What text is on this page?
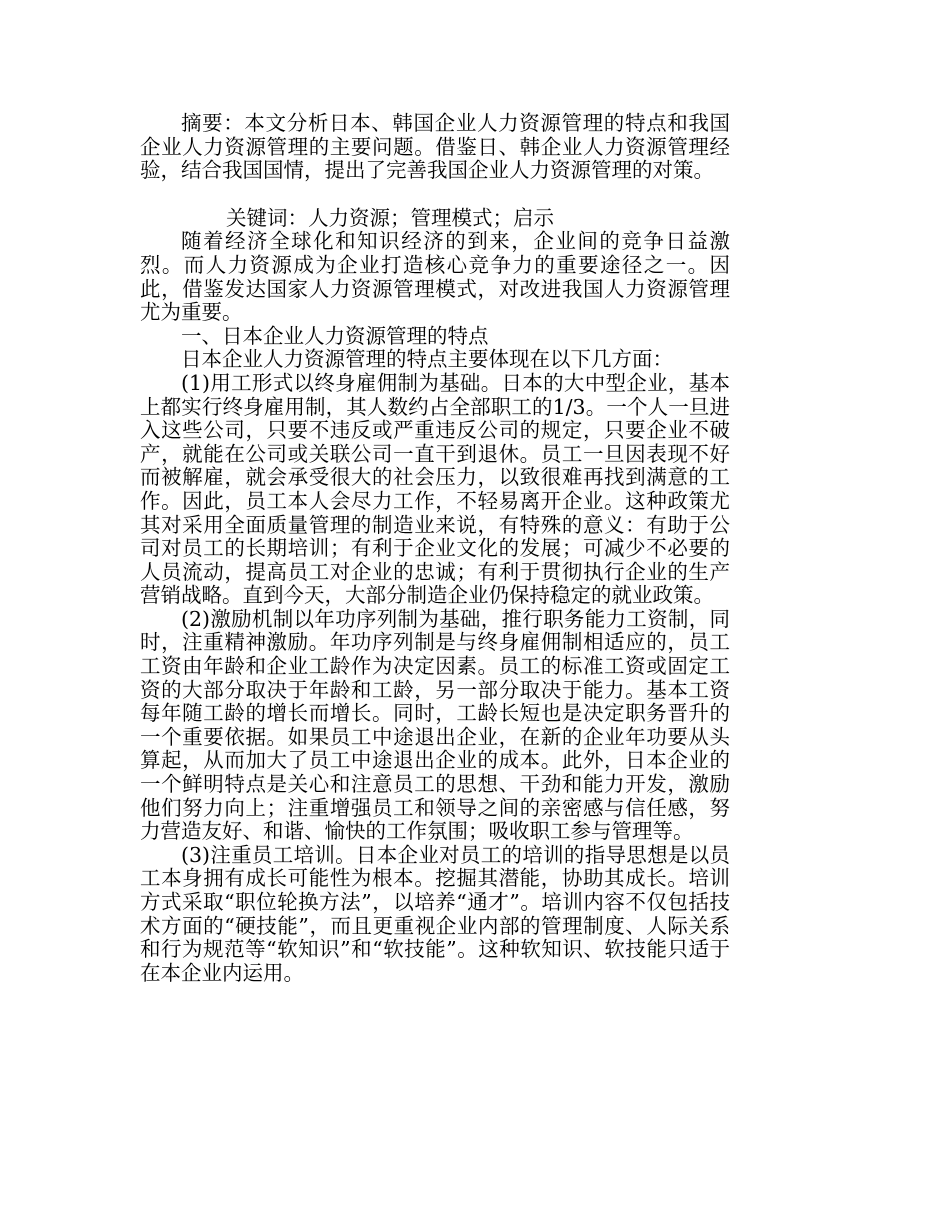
摘要：本文分析日本、韩国企业人力资源管理的特点和我国企业人力资源管理的主要问题。借鉴日、韩企业人力资源管理经验，结合我国国情，提出了完善我国企业人力资源管理的对策。

关键词：人力资源；管理模式；启示

随着经济全球化和知识经济的到来，企业间的竞争日益激烈。而人力资源成为企业打造核心竞争力的重要途径之一。因此，借鉴发达国家人力资源管理模式，对改进我国人力资源管理尤为重要。

一、日本企业人力资源管理的特点

日本企业人力资源管理的特点主要体现在以下几方面：

(1)用工形式以终身雇佣制为基础。日本的大中型企业，基本上都实行终身雇用制，其人数约占全部职工的1/3。一个人一旦进入这些公司，只要不违反或严重违反公司的规定，只要企业不破产，就能在公司或关联公司一直干到退休。员工一旦因表现不好而被解雇，就会承受很大的社会压力，以致很难再找到满意的工作。因此，员工本人会尽力工作，不轻易离开企业。这种政策尤其对采用全面质量管理的制造业来说，有特殊的意义：有助于公司对员工的长期培训；有利于企业文化的发展；可减少不必要的人员流动，提高员工对企业的忠诚；有利于贯彻执行企业的生产营销战略。直到今天，大部分制造企业仍保持稳定的就业政策。

(2)激励机制以年功序列制为基础，推行职务能力工资制，同时，注重精神激励。年功序列制是与终身雇佣制相适应的，员工工资由年龄和企业工龄作为决定因素。员工的标准工资或固定工资的大部分取决于年龄和工龄，另一部分取决于能力。基本工资每年随工龄的增长而增长。同时，工龄长短也是决定职务晋升的一个重要依据。如果员工中途退出企业，在新的企业年功要从头算起，从而加大了员工中途退出企业的成本。此外，日本企业的一个鲜明特点是关心和注意员工的思想、干劲和能力开发，激励他们努力向上；注重增强员工和领导之间的亲密感与信任感，努力营造友好、和谐、愉快的工作氛围；吸收职工参与管理等。

(3)注重员工培训。日本企业对员工的培训的指导思想是以员工本身拥有成长可能性为根本。挖掘其潜能，协助其成长。培训方式采取“职位轮换方法”，以培养“通才”。培训内容不仅包括技术方面的“硬技能”，而且更重视企业内部的管理制度、人际关系和行为规范等“软知识”和“软技能”。这种软知识、软技能只适于在本企业内运用。
